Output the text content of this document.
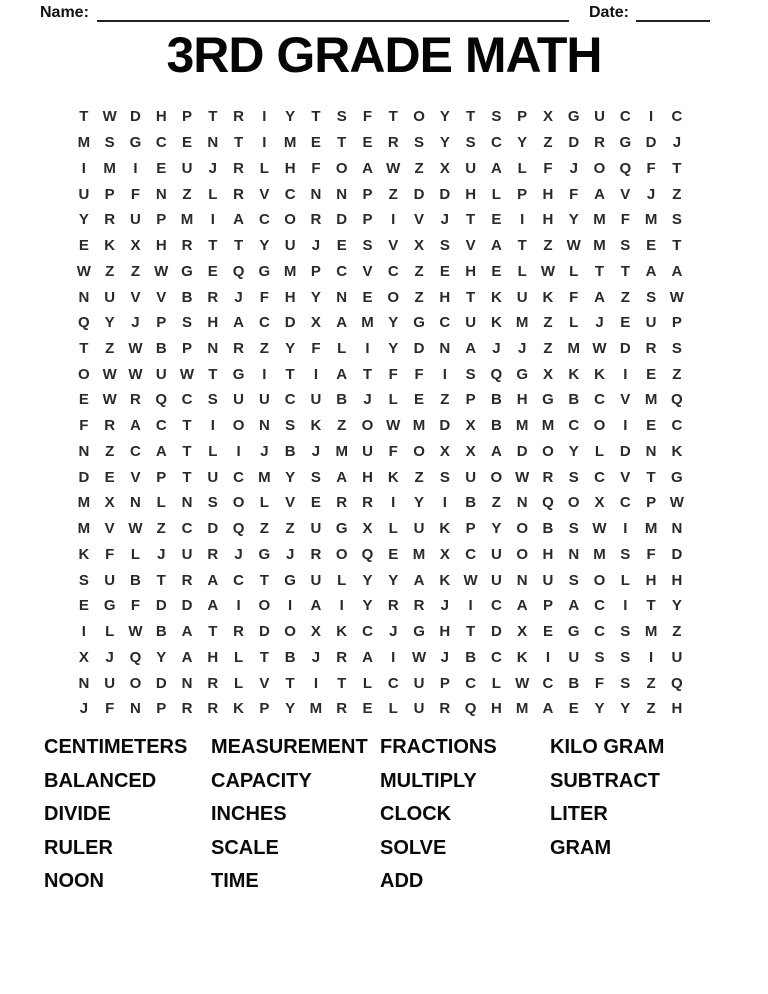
Name:	Date:
3RD GRADE MATH
T W D H	P	T	R	I	Y	T	S	F	T	O Y	T	S	P	X G U C	I	C
M S G C	E	N	T	I	M E	T	E	R	S	Y	S	C	Y	Z	D R G D	J
I	M	I	E	U	J	R	L	H	F	O A W Z	X	U A	L	F	J	O Q	F	T
U	P	F	N	Z	L	R	V	C N N	P	Z	D D H	L	P	H	F	A	V	J	Z
Y	R U	P M	I	A C O R D	P	I	V	J	T	E	I	H	Y M F M S
E	K	X	H R	T	T	Y	U	J	E	S	V	X	S	V	A	T	Z W M S	E	T
W Z	Z W G E Q G M P	C	V	C	Z	E	H	E	L W L	T	T	A A
N U	V	V	B R	J	F	H	Y	N	E O	Z	H	T	K U K	F	A	Z	S W
Q Y	J	P	S	H A C D	X	A M Y G C U K M Z	L	J	E	U	P
T	Z W B	P	N R	Z	Y	F	L	I	Y	D N A	J	J	Z M W D R	S
O W W U W T	G	I	T	I	A	T	F	F	I	S Q G X	K K	I	E	Z
E W R Q C	S	U U C U B	J	L	E	Z	P	B H G B C	V M Q
F	R A C	T	I	O N	S	K	Z	O W M D	X	B M M C O	I	E	C
N	Z	C A	T	L	I	J	B	J	M U	F	O X	X	A D O Y	L	D N K
D	E	V	P	T	U C M Y	S	A H K	Z	S	U O W R	S	C	V	T	G
M X	N	L	N	S O	L	V	E	R R	I	Y	I	B	Z	N Q O X	C	P W
M V W Z	C D Q	Z	Z	U G X	L	U K	P	Y O B	S W	I	M N
K	F	L	J	U R	J	G	J	R O Q E M X	C U O H N M S	F	D
S	U B	T	R A C	T	G U	L	Y	Y	A K W U N U	S O	L	H H
E G	F	D D A	I	O	I	A	I	Y	R R	J	I	C A	P	A C	I	T	Y
I	L W B A	T	R D O X	K C	J	G H	T	D	X	E G C	S M Z
X	J	Q Y	A H	L	T	B	J	R A	I	W J	B C K	I	U	S	S	I	U
N U O D N R	L	V	T	I	T	L	C U	P	C	L W C B	F	S	Z	Q
J	F	N	P	R R K	P	Y M R	E	L	U R Q H M A	E	Y	Y	Z	H
CENTIMETERS
BALANCED
DIVIDE
RULER
NOON
MEASUREMENT
CAPACITY
INCHES
SCALE
TIME
FRACTIONS
MULTIPLY
CLOCK
SOLVE
ADD
KILO GRAM
SUBTRACT
LITER
GRAM
